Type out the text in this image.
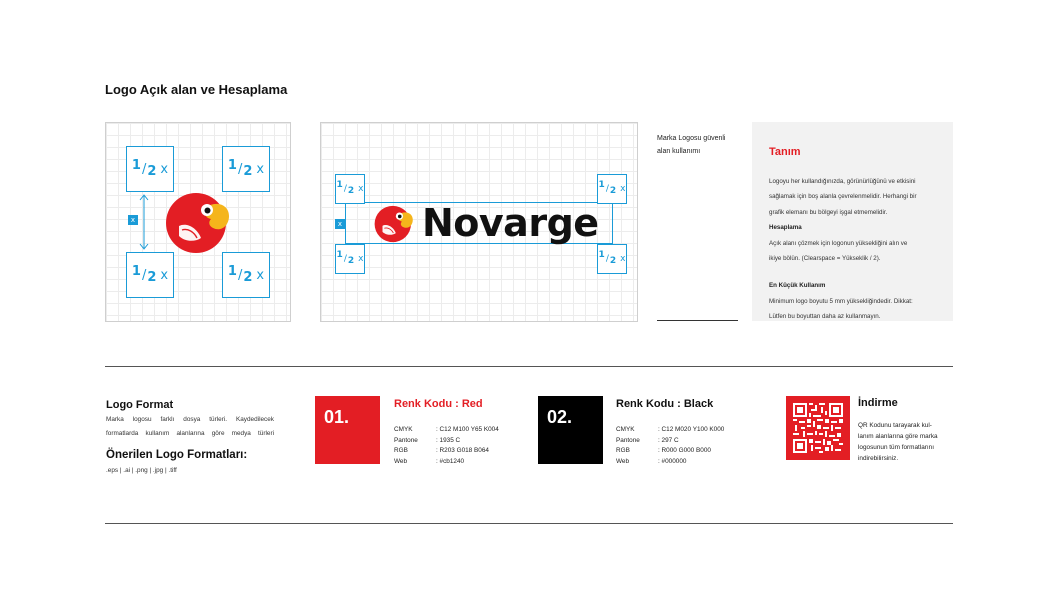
Logo Açık alan ve Hesaplama
1 / 2 x	1 / 2 x
1 / 2 x	1 / 2 x
x
1 / 2 x	1 / 2 x
1 / 2 x	1 / 2 x
x Novarge
Marka Logosu güvenli
alan kullanımı	Tanım
Logoyu her kullandığınızda, görünürlüğünü ve etkisini
sağlamak için boş alanla çevrelenmelidir. Herhangi bir
grafik elemanı bu bölgeyi işgal etmemelidir.
Hesaplama
Açık alanı çözmek için logonun yüksekliğini alın ve
ikiye bölün. (Clearspace = Yükseklik / 2).
En Küçük Kullanım
Minimum logo boyutu 5 mm yüksekliğindedir. Dikkat:
Lütfen bu boyuttan daha az kullanmayın.
Logo Format
Marka logosu farklı dosya türleri. Kaydedilecek
formatlarda kullanım alanlarına göre medya türleri
Önerilen Logo Formatları:
.eps | .ai | .png | .jpg | .tiff
01.
Renk Kodu : Red
CMYK	: C12 M100 Y65 K004
Pantone	: 1935 C
RGB	: R203 G018 B064
Web	: #cb1240
02.
Renk Kodu : Black
CMYK	: C12 M020 Y100 K000
Pantone	: 297 C
RGB	: R000 G000 B000
Web	: #000000
İndirme
QR Kodunu tarayarak kul-
lanım alanlarına göre marka
logosunun tüm formatlarını
indirebilirsiniz.
